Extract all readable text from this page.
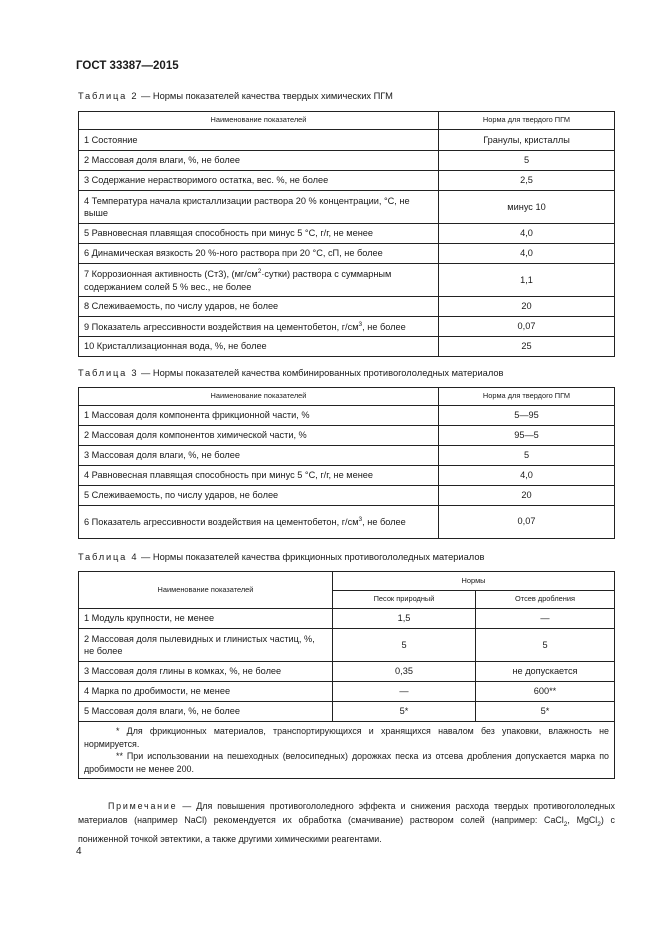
ГОСТ 33387—2015
Таблица 2 — Нормы показателей качества твердых химических ПГМ
Наименование показателей	Норма для твердого ПГМ
1 Состояние	Гранулы, кристаллы
2 Массовая доля влаги, %, не более	5
3 Содержание нерастворимого остатка, вес. %, не более	2,5
4 Температура начала кристаллизации раствора 20 % концентрации, °С, не выше	минус 10
5 Равновесная плавящая способность при минус 5 °С, г/г, не менее	4,0
6 Динамическая вязкость 20 %-ного раствора при 20 °С, сП, не более	4,0
7 Коррозионная активность (Ст3), $(мг/см^2\cdot сутки)$ раствора с суммарным содержанием солей 5 % вес., не более	1,1
8 Слеживаемость, по числу ударов, не более	20
9 Показатель агрессивности воздействия на цементобетон, $г/см^3$, не более	0,07
10 Кристаллизационная вода, %, не более	25
Таблица 3 — Нормы показателей качества комбинированных противогололедных материалов
Наименование показателей	Норма для твердого ПГМ
1 Массовая доля компонента фрикционной части, %	5—95
2 Массовая доля компонентов химической части, %	95—5
3 Массовая доля влаги, %, не более	5
4 Равновесная плавящая способность при минус 5 °С, г/г, не менее	4,0
5 Слеживаемость, по числу ударов, не более	20
6 Показатель агрессивности воздействия на цементобетон, $г/см^3$, не более	0,07
Таблица 4 — Нормы показателей качества фрикционных противогололедных материалов
Наименование показателей	Нормы	
	Песок природный	Отсев дробления
1 Модуль крупности, не менее	1,5	—
2 Массовая доля пылевидных и глинистых частиц, %, не более	5	5
3 Массовая доля глины в комках, %, не более	0,35	не допускается
4 Марка по дробимости, не менее	—	600**
5 Массовая доля влаги, %, не более	5*	5*

* Для фрикционных материалов, транспортирующихся и хранящихся навалом без упаковки, влажность не нормируется.
** При использовании на пешеходных (велосипедных) дорожках песка из отсева дробления допускается марка по дробимости не менее 200.		
Примечание — Для повышения противогололедного эффекта и снижения расхода твердых противогололедных материалов (например NaCl) рекомендуется их обработка (смачивание) раствором солей (например: CaCl$_2$, MgCl$_2$) с пониженной точкой эвтектики, а также другими химическими реагентами.
4
